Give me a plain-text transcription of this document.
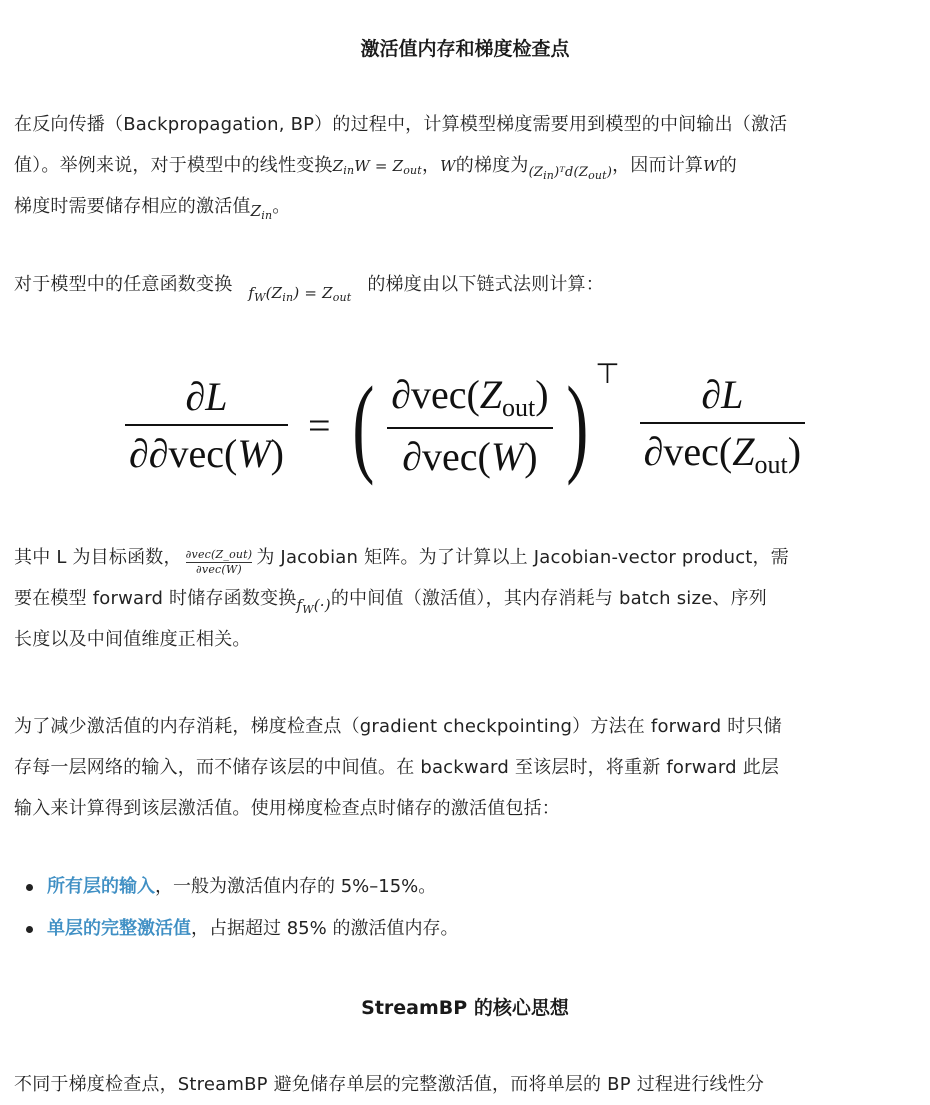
激活值内存和梯度检查点
在反向传播（Backpropagation, BP）的过程中，计算模型梯度需要用到模型的中间输出（激活
值）。举例来说，对于模型中的线性变换$Z_{in}W = Z_{out}$，W的梯度为$_{(Z_{in})ᵀd(Z_{out})}$，因而计算W的
梯度时需要储存相应的激活值$_{Z_{in}}$。
对于模型中的任意函数变换 $_{f_W(Z_{in}) = Z_{out}}$ 的梯度由以下链式法则计算：
$\frac{\partial L}{\text{∂∂vec(W)}}$ = ( $\frac{\partial vec(Z_{out})}{\text{∂vec(W)}}$ ) ⊤ $\frac{\partial L}{\partial vec(Z_{out})}$
其中 L 为目标函数， ∂vec(Z_out)
∂vec(W)
为 Jacobian 矩阵。为了计算以上 Jacobian-vector product，需
要在模型 forward 时储存函数变换$_{f_W(\cdot)}$的中间值（激活值），其内存消耗与 batch size、序列
长度以及中间值维度正相关。
为了减少激活值的内存消耗，梯度检查点（gradient checkpointing）方法在 forward 时只储
存每一层网络的输入，而不储存该层的中间值。在 backward 至该层时，将重新 forward 此层
输入来计算得到该层激活值。使用梯度检查点时储存的激活值包括：
所有层的输入 ，一般为激活值内存的 5%–15%。
单层的完整激活值 ，占据超过 85% 的激活值内存。
StreamBP 的核心思想
不同于梯度检查点，StreamBP 避免储存单层的完整激活值，而将单层的 BP 过程进行线性分
